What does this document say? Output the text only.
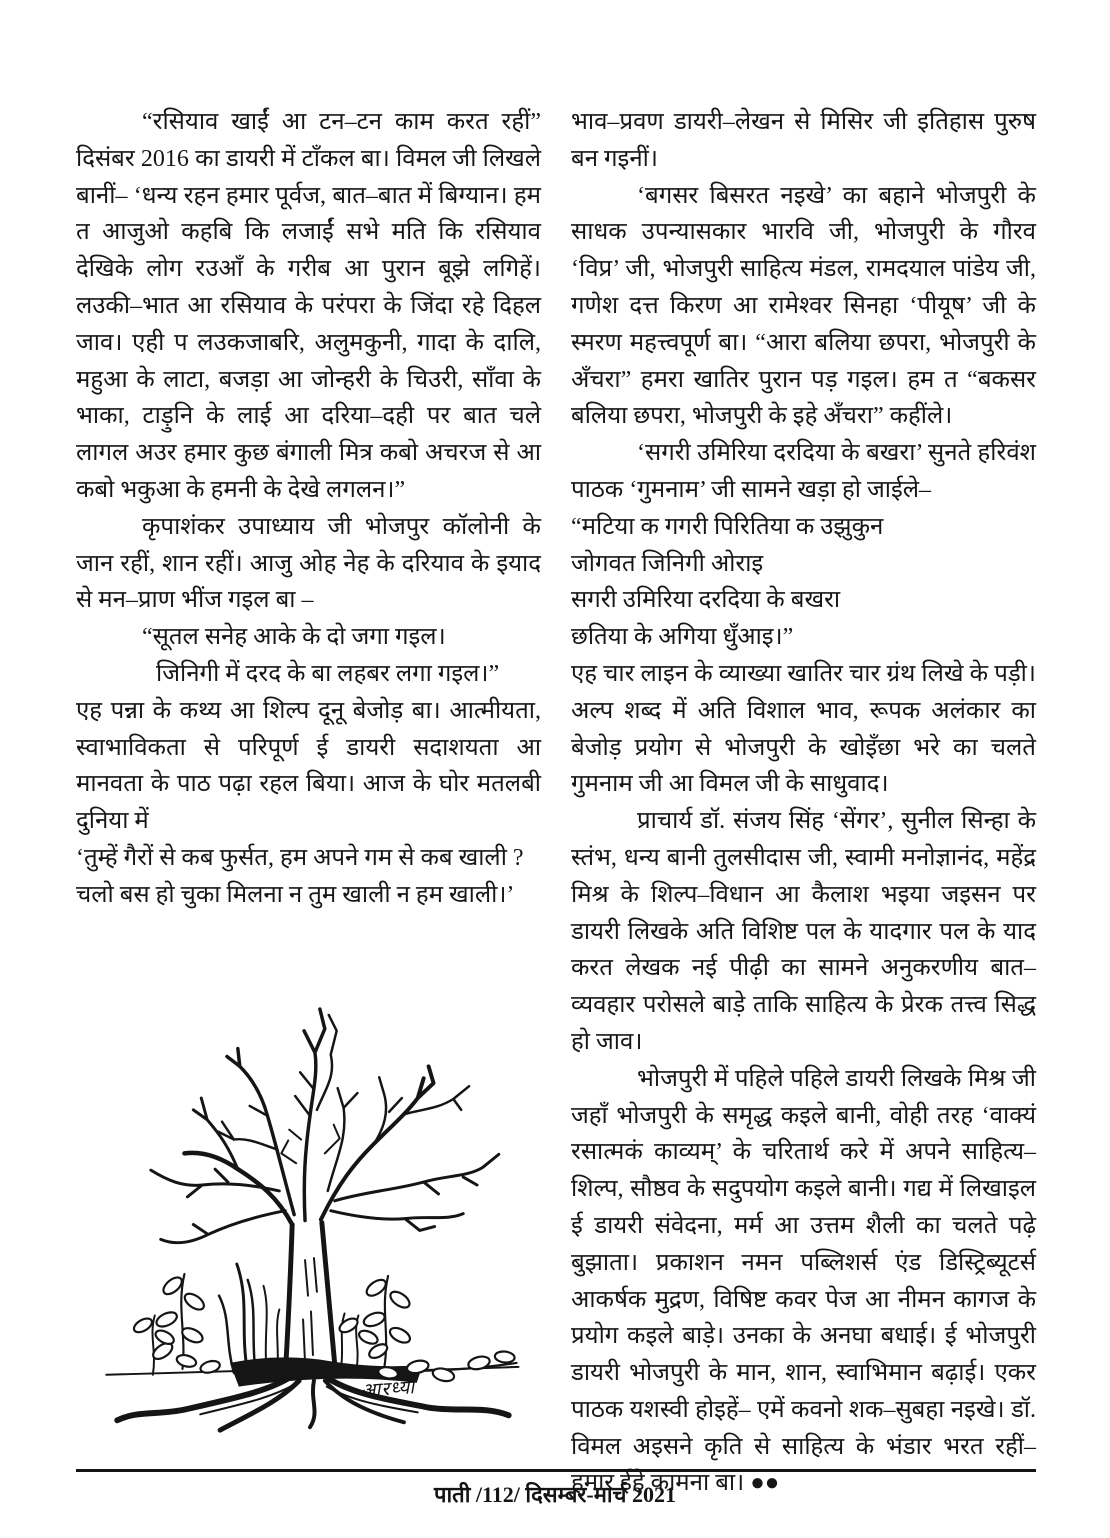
“रसियाव खाईं आ टन–टन काम करत रहीं” दिसंबर 2016 का डायरी में टाँकल बा। विमल जी लिखले बानीं– ‘धन्य रहन हमार पूर्वज, बात–बात में बिग्यान। हम त आजुओ कहबि कि लजाईं सभे मति कि रसियाव देखिके लोग रउआँ के गरीब आ पुरान बूझे लगिहें। लउकी–भात आ रसियाव के परंपरा के जिंदा रहे दिहल जाव। एही प लउकजाबरि, अलुमकुनी, गादा के दालि, महुआ के लाटा, बजड़ा आ जोन्हरी के चिउरी, साँवा के भाका, टाड़ुनि के लाई आ दरिया–दही पर बात चले लागल अउर हमार कुछ बंगाली मित्र कबो अचरज से आ कबो भकुआ के हमनी के देखे लगलन।”

कृपाशंकर उपाध्याय जी भोजपुर कॉलोनी के जान रहीं, शान रहीं। आजु ओह नेह के दरियाव के इयाद से मन–प्राण भींज गइल बा –

“सूतल सनेह आके के दो जगा गइल।
जिनिगी में दरद के बा लहबर लगा गइल।”

एह पन्ना के कथ्य आ शिल्प दूनू बेजोड़ बा। आत्मीयता, स्वाभाविकता से परिपूर्ण ई डायरी सदाशयता आ मानवता के पाठ पढ़ा रहल बिया। आज के घोर मतलबी दुनिया में

‘तुम्हें गैरों से कब फुर्सत, हम अपने गम से कब खाली ?
चलो बस हो चुका मिलना न तुम खाली न हम खाली।’
आरध्या

भाव–प्रवण डायरी–लेखन से मिसिर जी इतिहास पुरुष बन गइनीं।

‘बगसर बिसरत नइखे’ का बहाने भोजपुरी के साधक उपन्यासकार भारवि जी, भोजपुरी के गौरव ‘विप्र’ जी, भोजपुरी साहित्य मंडल, रामदयाल पांडेय जी, गणेश दत्त किरण आ रामेश्वर सिनहा ‘पीयूष’ जी के स्मरण महत्त्वपूर्ण बा। “आरा बलिया छपरा, भोजपुरी के अँचरा” हमरा खातिर पुरान पड़ गइल। हम त “बकसर बलिया छपरा, भोजपुरी के इहे अँचरा” कहींले।

‘सगरी उमिरिया दरदिया के बखरा’ सुनते हरिवंश पाठक ‘गुमनाम’ जी सामने खड़ा हो जाईले–

“मटिया क गगरी पिरितिया क उझुकुन
जोगवत जिनिगी ओराइ
सगरी उमिरिया दरदिया के बखरा
छतिया के अगिया धुँआइ।”

एह चार लाइन के व्याख्या खातिर चार ग्रंथ लिखे के पड़ी। अल्प शब्द में अति विशाल भाव, रूपक अलंकार का बेजोड़ प्रयोग से भोजपुरी के खोइँछा भरे का चलते गुमनाम जी आ विमल जी के साधुवाद।

प्राचार्य डॉ. संजय सिंह ‘सेंगर’, सुनील सिन्हा के स्तंभ, धन्य बानी तुलसीदास जी, स्वामी मनोज्ञानंद, महेंद्र मिश्र के शिल्प–विधान आ कैलाश भइया जइसन पर डायरी लिखके अति विशिष्ट पल के यादगार पल के याद करत लेखक नई पीढ़ी का सामने अनुकरणीय बात–व्यवहार परोसले बाड़े ताकि साहित्य के प्रेरक तत्त्व सिद्ध हो जाव।

भोजपुरी में पहिले पहिले डायरी लिखके मिश्र जी जहाँ भोजपुरी के समृद्ध कइले बानी, वोही तरह ‘वाक्यं रसात्मकं काव्यम्’ के चरितार्थ करे में अपने साहित्य–शिल्प, सौष्ठव के सदुपयोग कइले बानी। गद्य में लिखाइल ई डायरी संवेदना, मर्म आ उत्तम शैली का चलते पढ़े बुझाता। प्रकाशन नमन पब्लिशर्स एंड डिस्ट्रिब्यूटर्स आकर्षक मुद्रण, विषिष्ट कवर पेज आ नीमन कागज के प्रयोग कइले बाड़े। उनका के अनघा बधाई। ई भोजपुरी डायरी भोजपुरी के मान, शान, स्वाभिमान बढ़ाई। एकर पाठक यशस्वी होइहें– एमें कवनो शक–सुबहा नइखे। डॉ. विमल अइसने कृति से साहित्य के भंडार भरत रहीं– हमार ईहे कामना बा। ●●

पाती /112/ दिसम्बर-मार्च 2021
